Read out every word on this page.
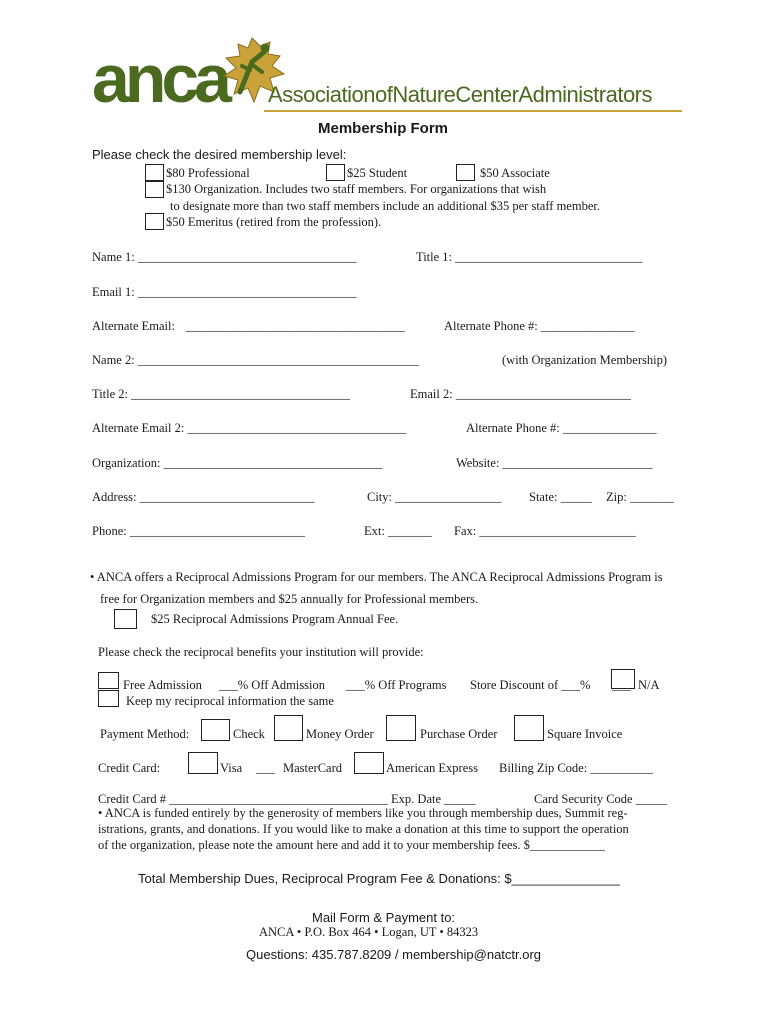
anca AssociationofNatureCenterAdministrators
Membership Form
Please check the desired membership level:
$80 Professional	$25 Student	$50 Associate
$130 Organization. Includes two staff members. For organizations that wish
to designate more than two staff members include an additional $35 per staff member.
$50 Emeritus (retired from the profession).
Name 1: ___________________________________	Title 1: ______________________________
Email 1: ___________________________________
Alternate Email: ___________________________________	Alternate Phone #: _______________
Name 2: _____________________________________________	(with Organization Membership)
Title 2: ___________________________________	Email 2: ____________________________
Alternate Email 2: ___________________________________	Alternate Phone #: _______________
Organization: ___________________________________	Website: ________________________
Address: ____________________________	City: _________________ State: _____ Zip: _______
Phone: ____________________________	Ext: _______ Fax: _________________________
• ANCA offers a Reciprocal Admissions Program for our members. The ANCA Reciprocal Admissions Program is
free for Organization members and $25 annually for Professional members.
$25 Reciprocal Admissions Program Annual Fee.
Please check the reciprocal benefits your institution will provide:
Free Admission ___% Off Admission ___% Off Programs Store Discount of ___% ___ N/A
Keep my reciprocal information the same
Payment Method:	Check	Money Order	Purchase Order	Square Invoice
Credit Card:	Visa ___ MasterCard	American Express Billing Zip Code: __________
Credit Card # ___________________________________ Exp. Date _____	Card Security Code _____
• ANCA is funded entirely by the generosity of members like you through membership dues, Summit reg-
istrations, grants, and donations. If you would like to make a donation at this time to support the operation
of the organization, please note the amount here and add it to your membership fees. $____________
Total Membership Dues, Reciprocal Program Fee & Donations: $_______________
Mail Form & Payment to:
ANCA • P.O. Box 464 • Logan, UT • 84323
Questions: 435.787.8209 / membership@natctr.org
